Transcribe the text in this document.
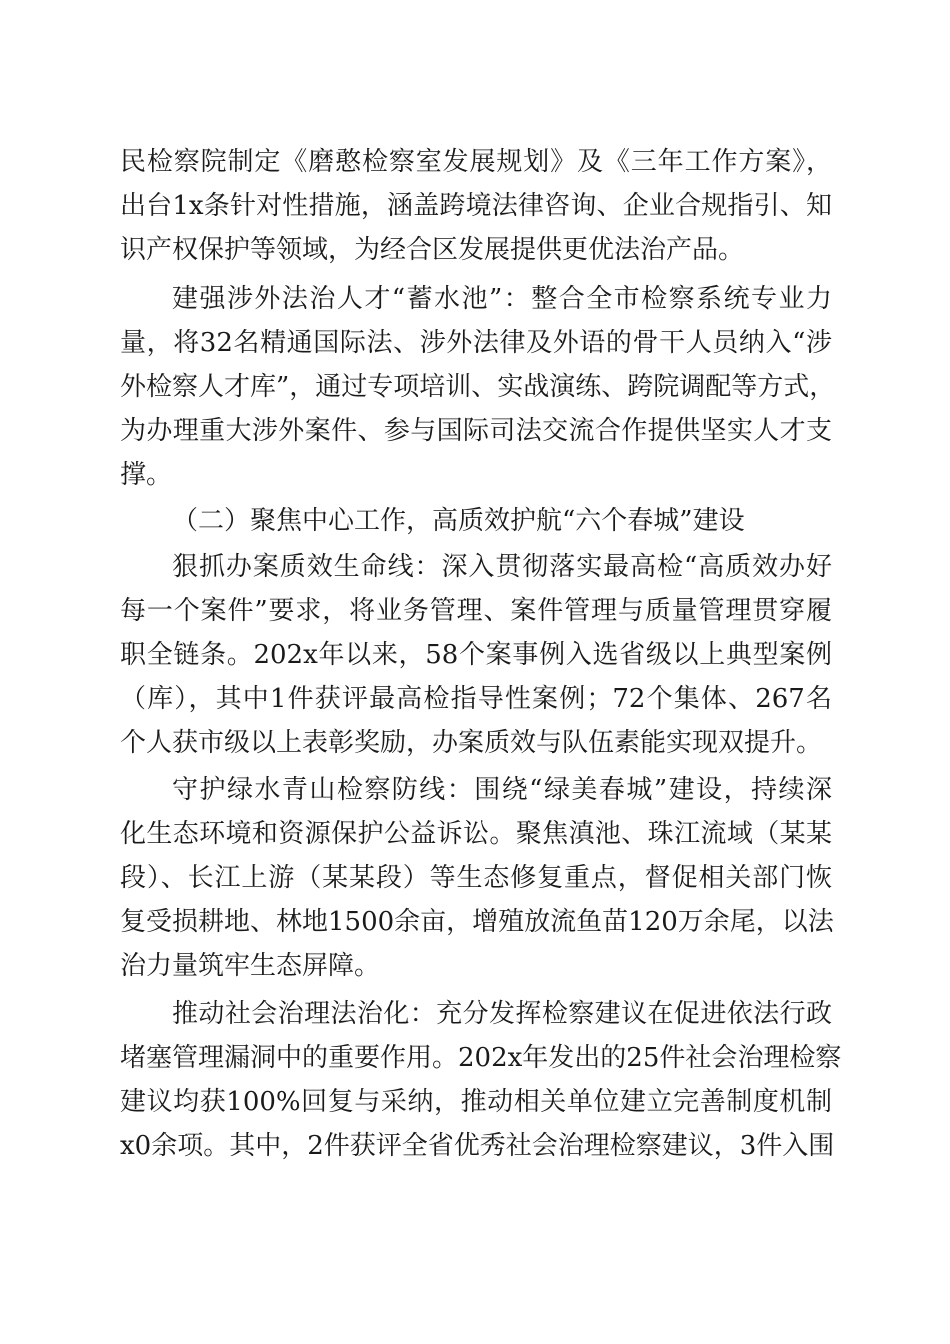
民检察院制定《磨憨检察室发展规划》及《三年工作方案》，
出台1x条针对性措施，涵盖跨境法律咨询、企业合规指引、知
识产权保护等领域，为经合区发展提供更优法治产品。
建强涉外法治人才“蓄水池”：整合全市检察系统专业力
量，将32名精通国际法、涉外法律及外语的骨干人员纳入“涉
外检察人才库”，通过专项培训、实战演练、跨院调配等方式，
为办理重大涉外案件、参与国际司法交流合作提供坚实人才支
撑。
（二）聚焦中心工作，高质效护航“六个春城”建设
狠抓办案质效生命线：深入贯彻落实最高检“高质效办好
每一个案件”要求，将业务管理、案件管理与质量管理贯穿履
职全链条。202x年以来，58个案事例入选省级以上典型案例
（库），其中1件获评最高检指导性案例；72个集体、267名
个人获市级以上表彰奖励，办案质效与队伍素能实现双提升。
守护绿水青山检察防线：围绕“绿美春城”建设，持续深
化生态环境和资源保护公益诉讼。聚焦滇池、珠江流域（某某
段）、长江上游（某某段）等生态修复重点，督促相关部门恢
复受损耕地、林地1500余亩，增殖放流鱼苗120万余尾，以法
治力量筑牢生态屏障。
推动社会治理法治化：充分发挥检察建议在促进依法行政
堵塞管理漏洞中的重要作用。202x年发出的25件社会治理检察
建议均获100%回复与采纳，推动相关单位建立完善制度机制
x0余项。其中，2件获评全省优秀社会治理检察建议，3件入围
